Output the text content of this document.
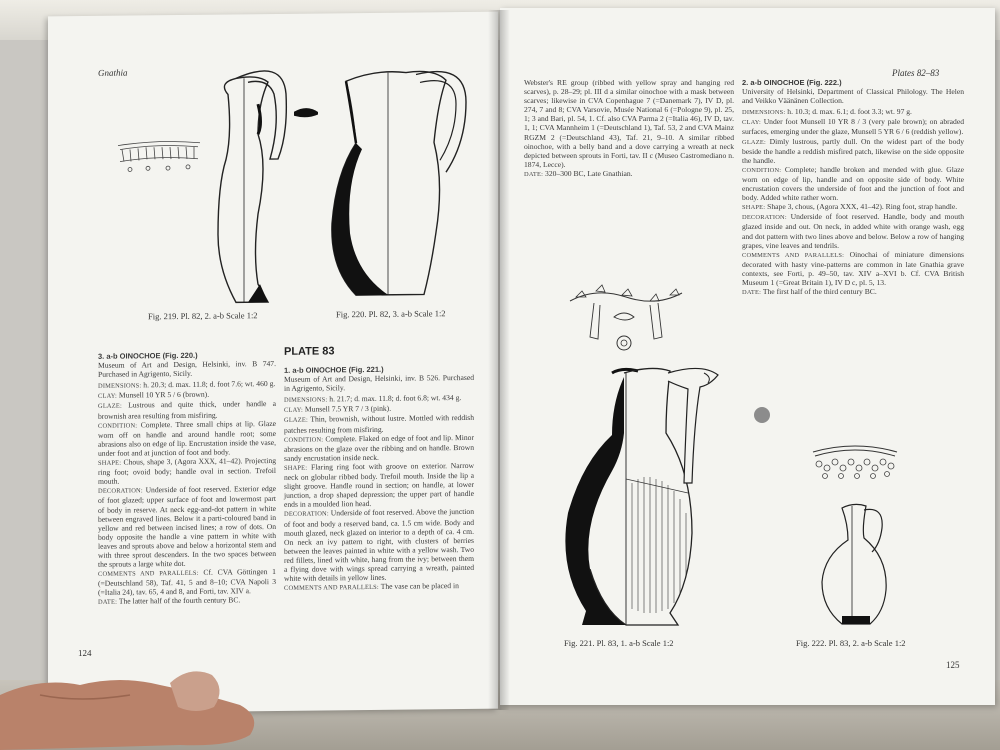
Gnathia
Fig. 219. Pl. 82, 2. a-b Scale 1:2	Fig. 220. Pl. 82, 3. a-b Scale 1:2

3. a-b OINOCHOE (Fig. 220.)
Museum of Art and Design, Helsinki, inv. B 747. Purchased in Agrigento, Sicily.

DIMENSIONS: h. 20.3; d. max. 11.8; d. foot 7.6; wt. 460 g.
CLAY: Munsell 10 YR 5 / 6 (brown).
GLAZE: Lustrous and quite thick, under handle a brownish area resulting from misfiring.
CONDITION: Complete. Three small chips at lip. Glaze worn off on handle and around handle root; some abrasions also on edge of lip. Encrustation inside the vase, under foot and at junction of foot and body.
SHAPE: Chous, shape 3, (Agora XXX, 41–42). Projecting ring foot; ovoid body; handle oval in section. Trefoil mouth.
DECORATION: Underside of foot reserved. Exterior edge of foot glazed; upper surface of foot and lowermost part of body in reserve. At neck egg-and-dot pattern in white between engraved lines. Below it a parti-coloured band in yellow and red between incised lines; a row of dots. On body opposite the handle a vine pattern in white with leaves and sprouts above and below a horizontal stem and with three sprout descenders. In the two spaces between the sprouts a large white dot.
COMMENTS AND PARALLELS: Cf. CVA Göttingen 1 (=Deutschland 58), Taf. 41, 5 and 8–10; CVA Napoli 3 (=Italia 24), tav. 65, 4 and 8, and Forti, tav. XIV a.
DATE: The latter half of the fourth century BC.

PLATE 83

1. a-b OINOCHOE (Fig. 221.)
Museum of Art and Design, Helsinki, inv. B 526. Purchased in Agrigento, Sicily.

DIMENSIONS: h. 21.7; d. max. 11.8; d. foot 6.8; wt. 434 g.
CLAY: Munsell 7.5 YR 7 / 3 (pink).
GLAZE: Thin, brownish, without lustre. Mottled with reddish patches resulting from misfiring.
CONDITION: Complete. Flaked on edge of foot and lip. Minor abrasions on the glaze over the ribbing and on handle. Brown sandy encrustation inside neck.
SHAPE: Flaring ring foot with groove on exterior. Narrow neck on globular ribbed body. Trefoil mouth. Inside the lip a slight groove. Handle round in section; on handle, at lower junction, a drop shaped depression; the upper part of handle ends in a moulded lion head.
DECORATION: Underside of foot reserved. Above the junction of foot and body a reserved band, ca. 1.5 cm wide. Body and mouth glazed, neck glazed on interior to a depth of ca. 4 cm. On neck an ivy pattern to right, with clusters of berries between the leaves painted in white with a yellow wash. Two red fillets, lined with white, hang from the ivy; between them a flying dove with wings spread carrying a wreath, painted white with details in yellow lines.
COMMENTS AND PARALLELS: The vase can be placed in

124
Plates 82–83

Webster's RE group (ribbed with yellow spray and hanging red scarves), p. 28–29; pl. III d a similar oinochoe with a mask between scarves; likewise in CVA Copenhague 7 (=Danemark 7), IV D, pl. 274, 7 and 8; CVA Varsovie, Musée National 6 (=Pologne 9), pl. 25, 1; 3 and Bari, pl. 54, 1. Cf. also CVA Parma 2 (=Italia 46), IV D, tav. 1, 1; CVA Mannheim 1 (=Deutschland 1), Taf. 53, 2 and CVA Mainz RGZM 2 (=Deutschland 43), Taf. 21, 9–10. A similar ribbed oinochoe, with a belly band and a dove carrying a wreath at neck depicted between sprouts in Forti, tav. II c (Museo Castromediano n. 1874, Lecce).
DATE: 320–300 BC, Late Gnathian.

2. a-b OINOCHOE (Fig. 222.)
University of Helsinki, Department of Classical Philology. The Helen and Veikko Väänänen Collection.

DIMENSIONS: h. 10.3; d. max. 6.1; d. foot 3.3; wt. 97 g.
CLAY: Under foot Munsell 10 YR 8 / 3 (very pale brown); on abraded surfaces, emerging under the glaze, Munsell 5 YR 6 / 6 (reddish yellow).
GLAZE: Dimly lustrous, partly dull. On the widest part of the body beside the handle a reddish misfired patch, likewise on the side opposite the handle.
CONDITION: Complete; handle broken and mended with glue. Glaze worn on edge of lip, handle and on opposite side of body. White encrustation covers the underside of foot and the junction of foot and body. Added white rather worn.
SHAPE: Shape 3, chous, (Agora XXX, 41–42). Ring foot, strap handle.
DECORATION: Underside of foot reserved. Handle, body and mouth glazed inside and out. On neck, in added white with orange wash, egg and dot pattern with two lines above and below. Below a row of hanging grapes, vine leaves and tendrils.
COMMENTS AND PARALLELS: Oinochai of miniature dimensions decorated with hasty vine-patterns are common in late Gnathia grave contexts, see Forti, p. 49–50, tav. XIV a–XVI b. Cf. CVA British Museum 1 (=Great Britain 1), IV D c, pl. 5, 13.
DATE: The first half of the third century BC.

Fig. 221. Pl. 83, 1. a-b Scale 1:2	Fig. 222. Pl. 83, 2. a-b Scale 1:2
125
